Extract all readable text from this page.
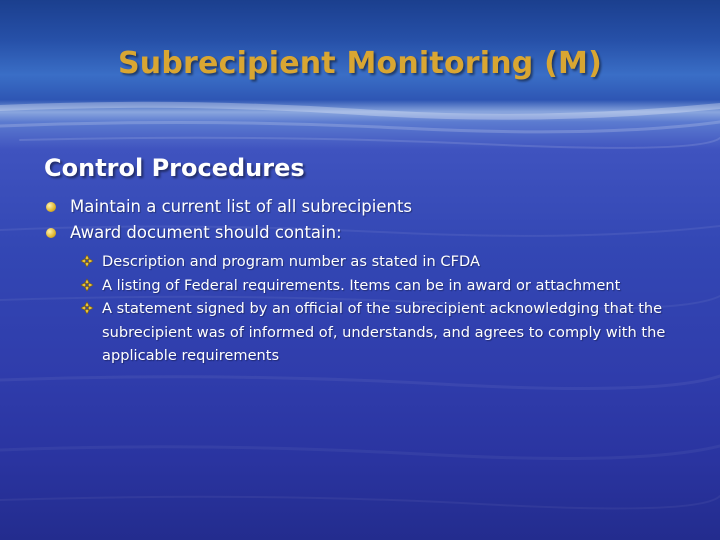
Subrecipient Monitoring (M)
Control Procedures
Maintain a current list of all subrecipients
Award document should contain:
Description and program number as stated in CFDA
A listing of Federal requirements. Items can be in award or attachment
A statement signed by an official of the subrecipient acknowledging that the subrecipient was of informed of, understands, and agrees to comply with the applicable requirements
